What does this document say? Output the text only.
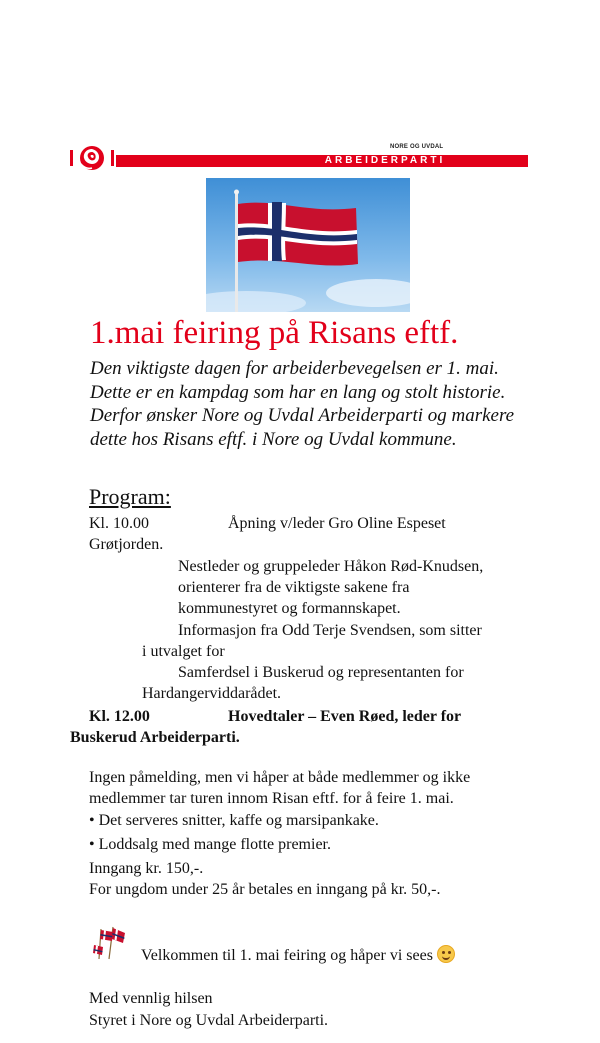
NORE OG UVDAL
ARBEIDERPARTI
1.mai feiring på Risans eftf.
Den viktigste dagen for arbeiderbevegelsen er 1. mai. Dette er en kampdag som har en lang og stolt historie. Derfor ønsker Nore og Uvdal Arbeiderparti og markere dette hos Risans eftf. i Nore og Uvdal kommune.
Program:
Kl. 10.00	Åpning v/leder Gro Oline Espeset
Grøtjorden.
Nestleder og gruppeleder Håkon Rød-Knudsen,
orienterer fra de viktigste sakene fra
kommunestyret og formannskapet.
Informasjon fra Odd Terje Svendsen, som sitter
i utvalget for
Samferdsel i Buskerud og representanten for
Hardangerviddarådet.
Kl. 12.00	Hovedtaler – Even Røed, leder for
Buskerud Arbeiderparti.
Ingen påmelding, men vi håper at både medlemmer og ikke
medlemmer tar turen innom Risan eftf. for å feire 1. mai.
• Det serveres snitter, kaffe og marsipankake.
• Loddsalg med mange flotte premier.
Inngang kr. 150,-.
For ungdom under 25 år betales en inngang på kr. 50,-.
Velkommen til 1. mai feiring og håper vi sees
Med vennlig hilsen
Styret i Nore og Uvdal Arbeiderparti.
